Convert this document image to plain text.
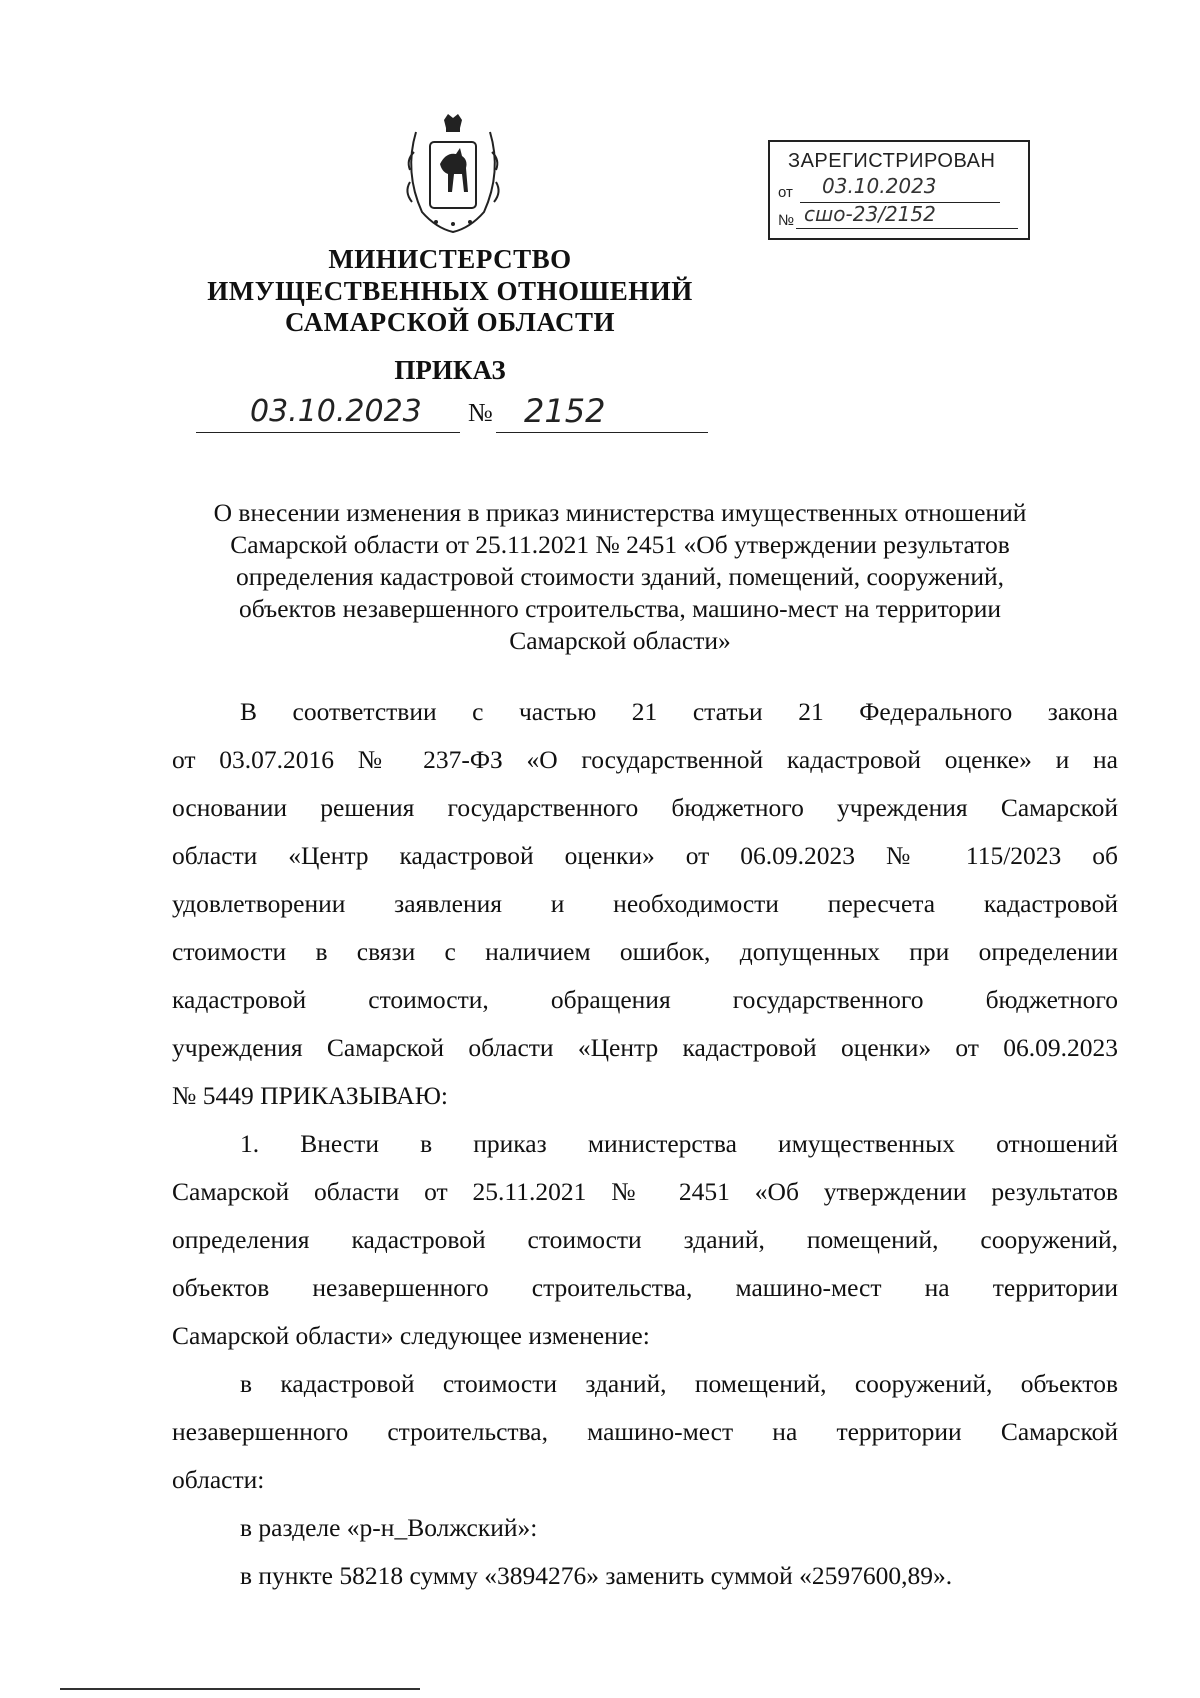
ЗАРЕГИСТРИРОВАН
от 03.10.2023
№ сшо-23/2152
МИНИСТЕРСТВО
ИМУЩЕСТВЕННЫХ ОТНОШЕНИЙ
САМАРСКОЙ ОБЛАСТИ
ПРИКАЗ
03.10.2023 № 2152
О внесении изменения в приказ министерства имущественных отношений
Самарской области от 25.11.2021 № 2451 «Об утверждении результатов
определения кадастровой стоимости зданий, помещений, сооружений,
объектов незавершенного строительства, машино-мест на территории
Самарской области»
В соответствии с частью 21 статьи 21 Федерального закона
от 03.07.2016 № 237-ФЗ «О государственной кадастровой оценке» и на
основании решения государственного бюджетного учреждения Самарской
области «Центр кадастровой оценки» от 06.09.2023 № 115/2023 об
удовлетворении заявления и необходимости пересчета кадастровой
стоимости в связи с наличием ошибок, допущенных при определении
кадастровой стоимости, обращения государственного бюджетного
учреждения Самарской области «Центр кадастровой оценки» от 06.09.2023
№ 5449 ПРИКАЗЫВАЮ:
1. Внести в приказ министерства имущественных отношений
Самарской области от 25.11.2021 № 2451 «Об утверждении результатов
определения кадастровой стоимости зданий, помещений, сооружений,
объектов незавершенного строительства, машино-мест на территории
Самарской области» следующее изменение:
в кадастровой стоимости зданий, помещений, сооружений, объектов
незавершенного строительства, машино-мест на территории Самарской
области:
в разделе «р-н_Волжский»:
в пункте 58218 сумму «3894276» заменить суммой «2597600,89».
